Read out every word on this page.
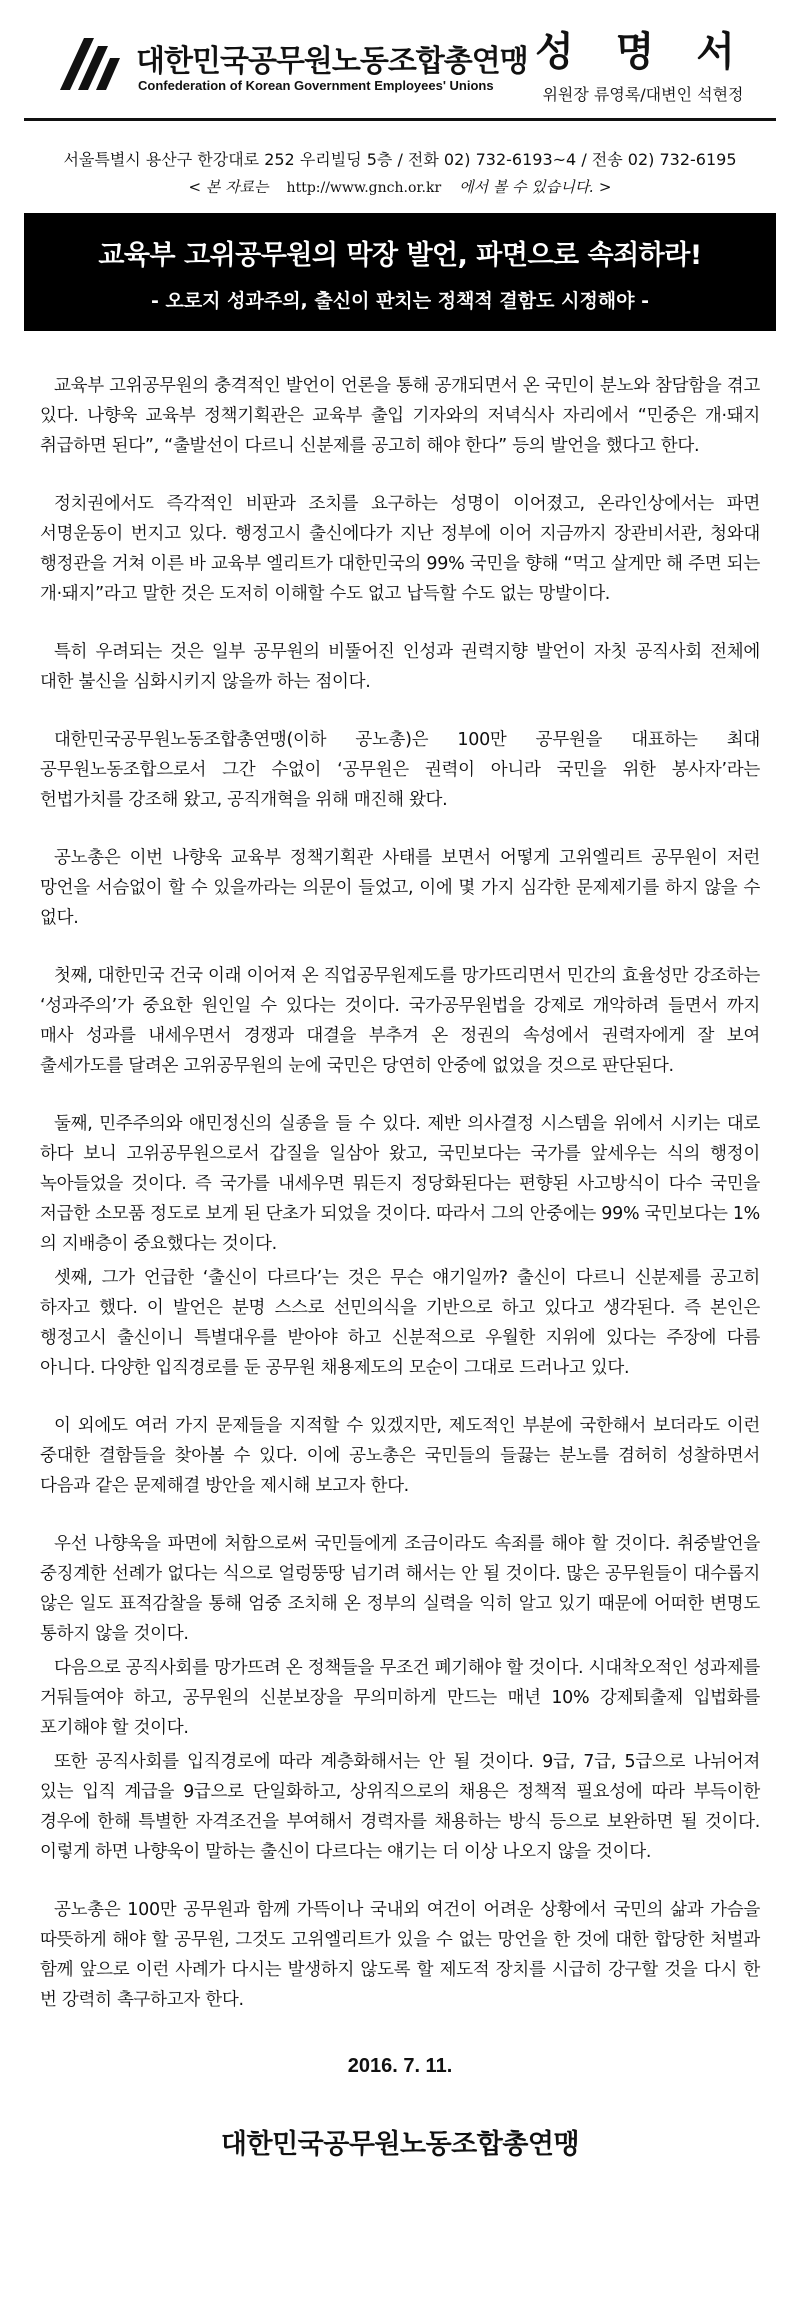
대한민국공무원노동조합총연맹
Confederation of Korean Government Employees' Unions
성 명 서
위원장 류영록/대변인 석현정
서울특별시 용산구 한강대로 252 우리빌딩 5층 / 전화 02) 732-6193~4 / 전송 02) 732-6195
< 본 자료는 http://www.gnch.or.kr 에서 볼 수 있습니다. >
교육부 고위공무원의 막장 발언, 파면으로 속죄하라!
- 오로지 성과주의, 출신이 판치는 정책적 결함도 시정해야 -

교육부 고위공무원의 충격적인 발언이 언론을 통해 공개되면서 온 국민이 분노와 참담함을 겪고 있다. 나향욱 교육부 정책기획관은 교육부 출입 기자와의 저녁식사 자리에서 “민중은 개·돼지 취급하면 된다”, “출발선이 다르니 신분제를 공고히 해야 한다” 등의 발언을 했다고 한다.

정치권에서도 즉각적인 비판과 조치를 요구하는 성명이 이어졌고, 온라인상에서는 파면 서명운동이 번지고 있다. 행정고시 출신에다가 지난 정부에 이어 지금까지 장관비서관, 청와대 행정관을 거쳐 이른 바 교육부 엘리트가 대한민국의 99% 국민을 향해 “먹고 살게만 해 주면 되는 개·돼지”라고 말한 것은 도저히 이해할 수도 없고 납득할 수도 없는 망발이다.

특히 우려되는 것은 일부 공무원의 비뚤어진 인성과 권력지향 발언이 자칫 공직사회 전체에 대한 불신을 심화시키지 않을까 하는 점이다.

대한민국공무원노동조합총연맹(이하 공노총)은 100만 공무원을 대표하는 최대 공무원노동조합으로서 그간 수없이 ‘공무원은 권력이 아니라 국민을 위한 봉사자’라는 헌법가치를 강조해 왔고, 공직개혁을 위해 매진해 왔다.

공노총은 이번 나향욱 교육부 정책기획관 사태를 보면서 어떻게 고위엘리트 공무원이 저런 망언을 서슴없이 할 수 있을까라는 의문이 들었고, 이에 몇 가지 심각한 문제제기를 하지 않을 수 없다.

첫째, 대한민국 건국 이래 이어져 온 직업공무원제도를 망가뜨리면서 민간의 효율성만 강조하는 ‘성과주의’가 중요한 원인일 수 있다는 것이다. 국가공무원법을 강제로 개악하려 들면서 까지 매사 성과를 내세우면서 경쟁과 대결을 부추겨 온 정권의 속성에서 권력자에게 잘 보여 출세가도를 달려온 고위공무원의 눈에 국민은 당연히 안중에 없었을 것으로 판단된다.

둘째, 민주주의와 애민정신의 실종을 들 수 있다. 제반 의사결정 시스템을 위에서 시키는 대로 하다 보니 고위공무원으로서 갑질을 일삼아 왔고, 국민보다는 국가를 앞세우는 식의 행정이 녹아들었을 것이다. 즉 국가를 내세우면 뭐든지 정당화된다는 편향된 사고방식이 다수 국민을 저급한 소모품 정도로 보게 된 단초가 되었을 것이다. 따라서 그의 안중에는 99% 국민보다는 1%의 지배층이 중요했다는 것이다.

셋째, 그가 언급한 ‘출신이 다르다’는 것은 무슨 얘기일까? 출신이 다르니 신분제를 공고히 하자고 했다. 이 발언은 분명 스스로 선민의식을 기반으로 하고 있다고 생각된다. 즉 본인은 행정고시 출신이니 특별대우를 받아야 하고 신분적으로 우월한 지위에 있다는 주장에 다름 아니다. 다양한 입직경로를 둔 공무원 채용제도의 모순이 그대로 드러나고 있다.

이 외에도 여러 가지 문제들을 지적할 수 있겠지만, 제도적인 부분에 국한해서 보더라도 이런 중대한 결함들을 찾아볼 수 있다. 이에 공노총은 국민들의 들끓는 분노를 겸허히 성찰하면서 다음과 같은 문제해결 방안을 제시해 보고자 한다.

우선 나향욱을 파면에 처함으로써 국민들에게 조금이라도 속죄를 해야 할 것이다. 취중발언을 중징계한 선례가 없다는 식으로 얼렁뚱땅 넘기려 해서는 안 될 것이다. 많은 공무원들이 대수롭지 않은 일도 표적감찰을 통해 엄중 조치해 온 정부의 실력을 익히 알고 있기 때문에 어떠한 변명도 통하지 않을 것이다.

다음으로 공직사회를 망가뜨려 온 정책들을 무조건 폐기해야 할 것이다. 시대착오적인 성과제를 거둬들여야 하고, 공무원의 신분보장을 무의미하게 만드는 매년 10% 강제퇴출제 입법화를 포기해야 할 것이다.

또한 공직사회를 입직경로에 따라 계층화해서는 안 될 것이다. 9급, 7급, 5급으로 나뉘어져 있는 입직 계급을 9급으로 단일화하고, 상위직으로의 채용은 정책적 필요성에 따라 부득이한 경우에 한해 특별한 자격조건을 부여해서 경력자를 채용하는 방식 등으로 보완하면 될 것이다. 이렇게 하면 나향욱이 말하는 출신이 다르다는 얘기는 더 이상 나오지 않을 것이다.

공노총은 100만 공무원과 함께 가뜩이나 국내외 여건이 어려운 상황에서 국민의 삶과 가슴을 따뜻하게 해야 할 공무원, 그것도 고위엘리트가 있을 수 없는 망언을 한 것에 대한 합당한 처벌과 함께 앞으로 이런 사례가 다시는 발생하지 않도록 할 제도적 장치를 시급히 강구할 것을 다시 한 번 강력히 촉구하고자 한다.

2016. 7. 11.
대한민국공무원노동조합총연맹
